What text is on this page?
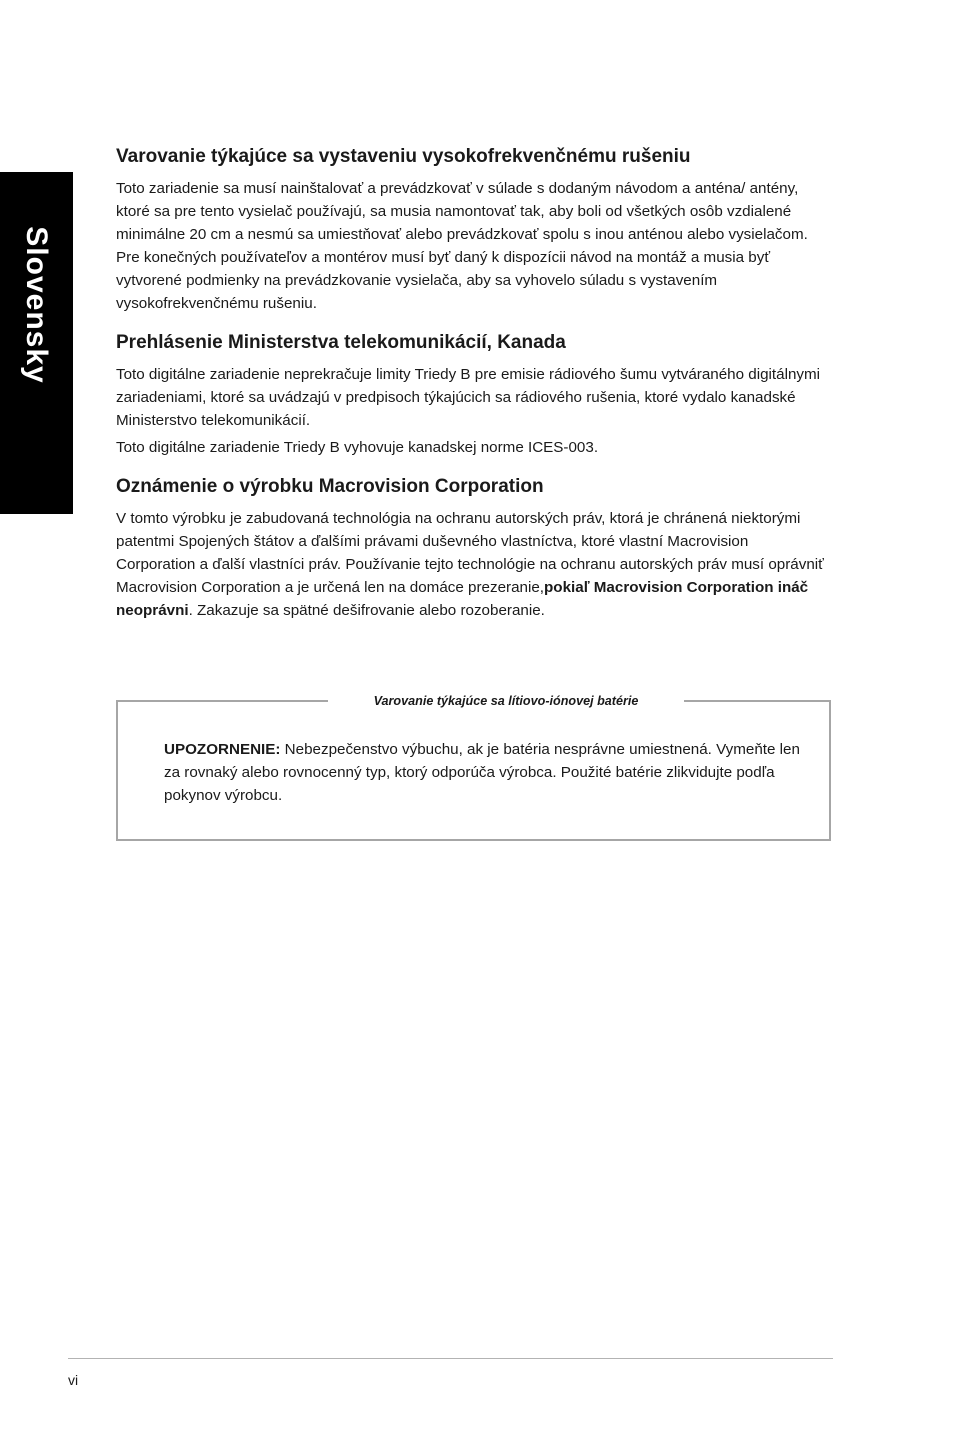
Slovensky
Varovanie týkajúce sa vystaveniu vysokofrekvenčnému rušeniu

Toto zariadenie sa musí nainštalovať a prevádzkovať v súlade s dodaným návodom a anténa/ antény, ktoré sa pre tento vysielač používajú, sa musia namontovať tak, aby boli od všetkých osôb vzdialené minimálne 20 cm a nesmú sa umiestňovať alebo prevádzkovať spolu s inou anténou alebo vysielačom. Pre konečných používateľov a montérov musí byť daný k dispozícii návod na montáž a musia byť vytvorené podmienky na prevádzkovanie vysielača, aby sa vyhovelo súladu s vystavením vysokofrekvenčnému rušeniu.

Prehlásenie Ministerstva telekomunikácií, Kanada

Toto digitálne zariadenie neprekračuje limity Triedy B pre emisie rádiového šumu vytváraného digitálnymi zariadeniami, ktoré sa uvádzajú v predpisoch týkajúcich sa rádiového rušenia, ktoré vydalo kanadské Ministerstvo telekomunikácií.

Toto digitálne zariadenie Triedy B vyhovuje kanadskej norme ICES-003.

Oznámenie o výrobku Macrovision Corporation

V tomto výrobku je zabudovaná technológia na ochranu autorských práv, ktorá je chránená niektorými patentmi Spojených štátov a ďalšími právami duševného vlastníctva, ktoré vlastní Macrovision Corporation a ďalší vlastníci práv. Používanie tejto technológie na ochranu autorských práv musí oprávniť Macrovision Corporation a je určená len na domáce prezeranie,pokiaľ Macrovision Corporation ináč neoprávni. Zakazuje sa spätné dešifrovanie alebo rozoberanie.

Varovanie týkajúce sa lítiovo-iónovej batérie

UPOZORNENIE: Nebezpečenstvo výbuchu, ak je batéria nesprávne umiestnená. Vymeňte len za rovnaký alebo rovnocenný typ, ktorý odporúča výrobca. Použité batérie zlikvidujte podľa pokynov výrobcu.

vi
